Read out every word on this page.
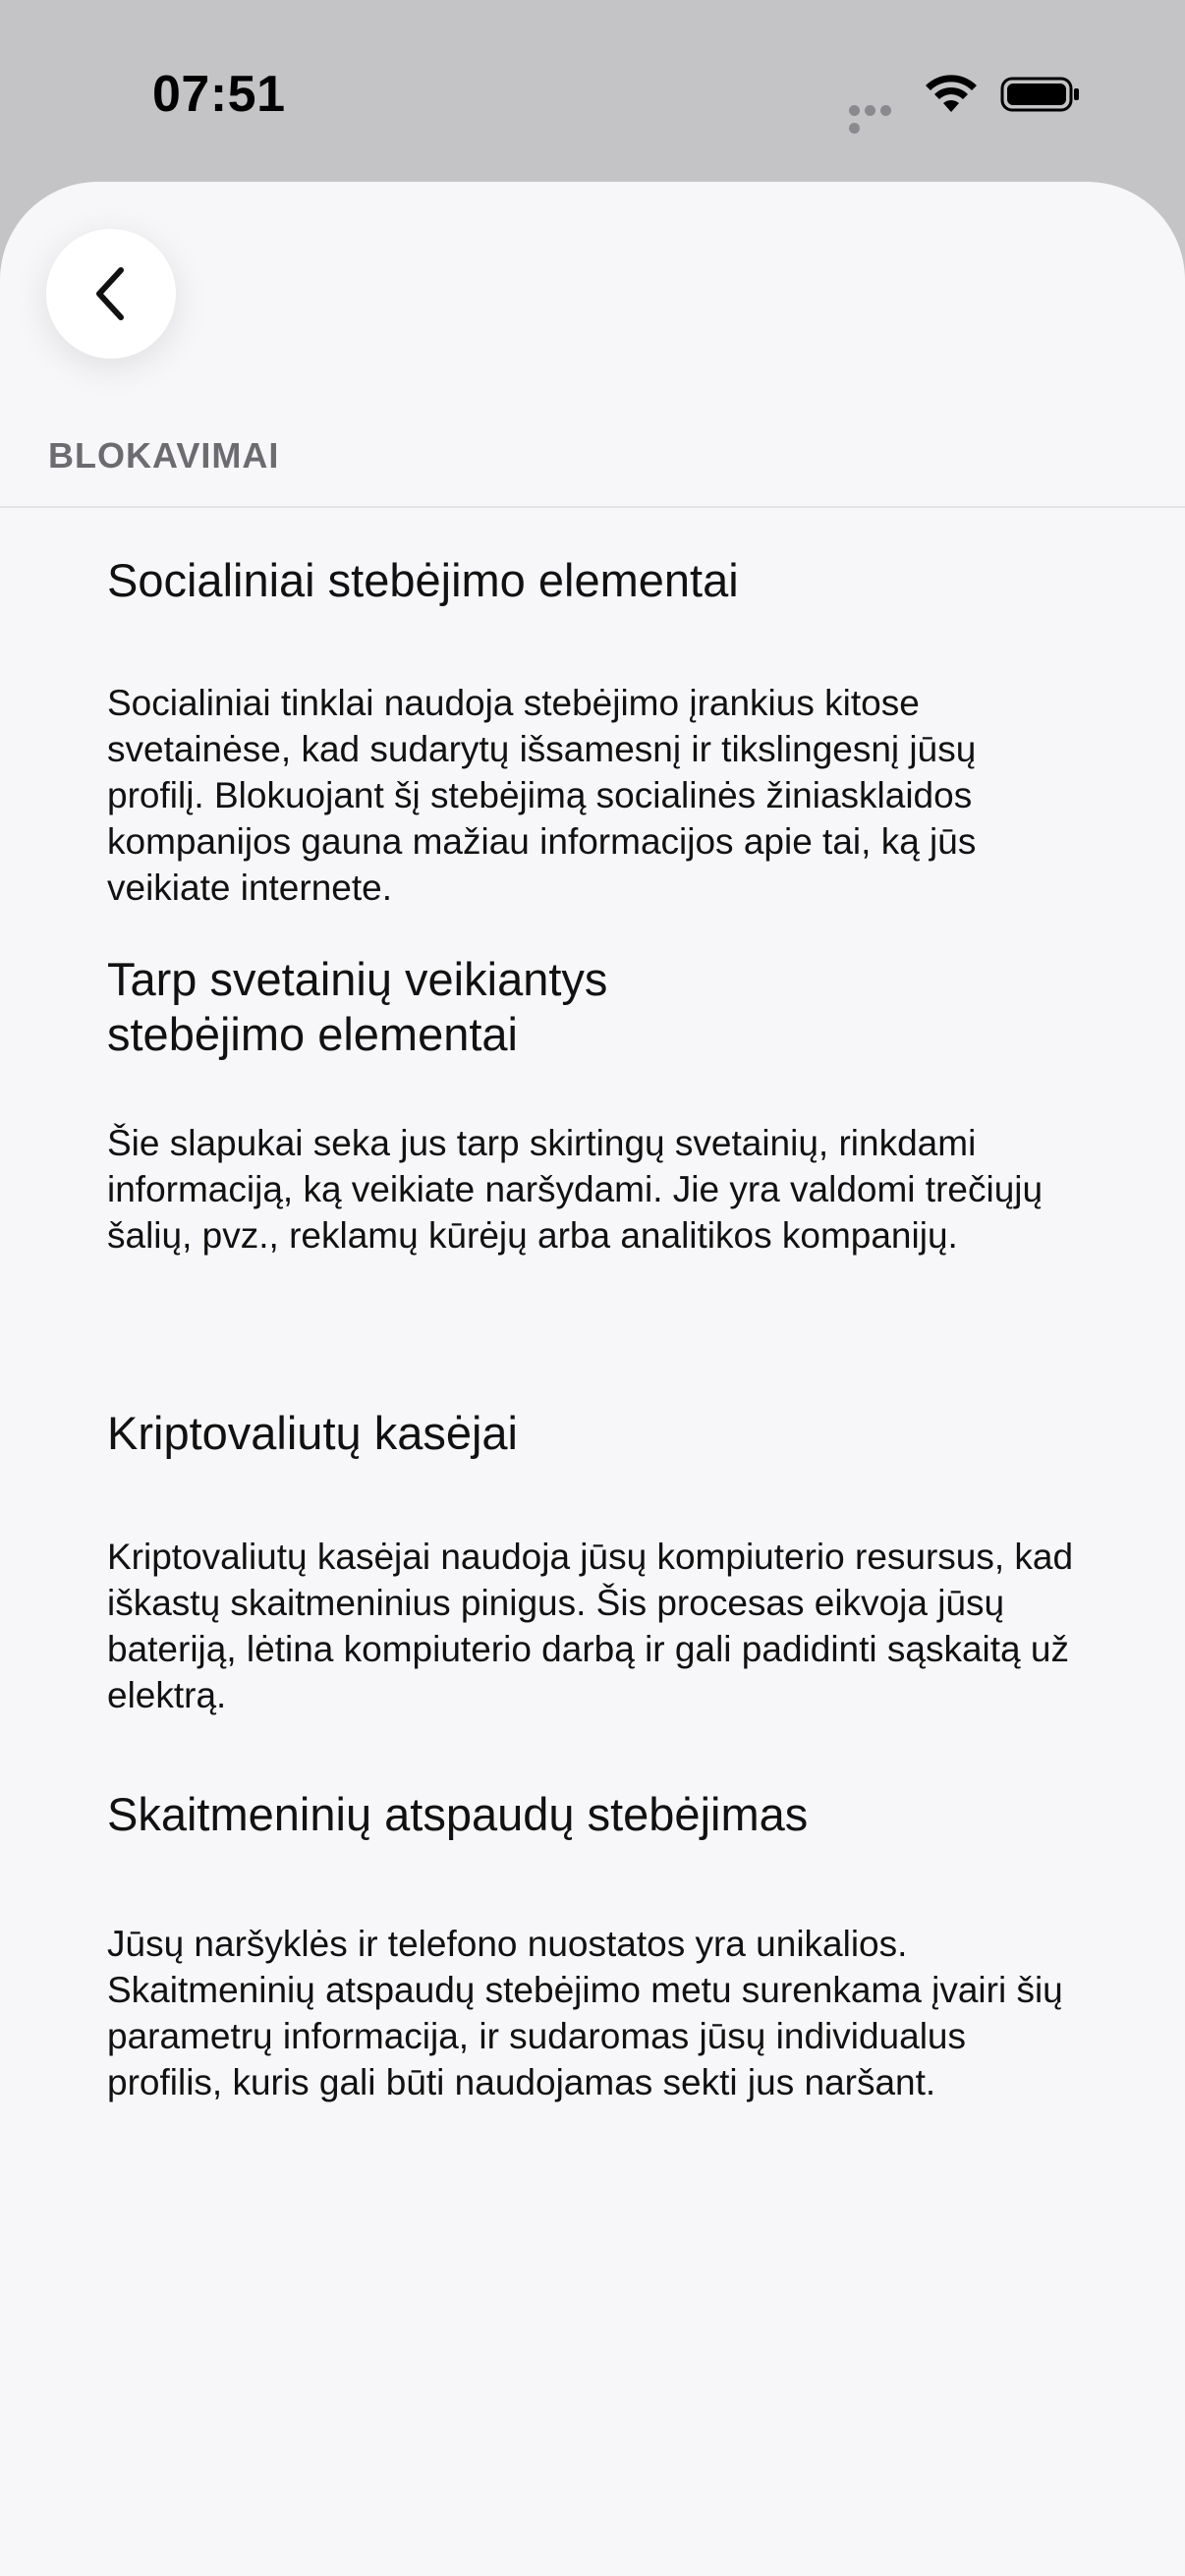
07:51
BLOKAVIMAI
Socialiniai stebėjimo elementai

Socialiniai tinklai naudoja stebėjimo įrankius kitose svetainėse, kad sudarytų išsamesnį ir tikslingesnį jūsų profilį. Blokuojant šį stebėjimą socialinės žiniasklaidos kompanijos gauna mažiau informacijos apie tai, ką jūs veikiate internete.

Tarp svetainių veikiantys stebėjimo elementai

Šie slapukai seka jus tarp skirtingų svetainių, rinkdami informaciją, ką veikiate naršydami. Jie yra valdomi trečiųjų šalių, pvz., reklamų kūrėjų arba analitikos kompanijų.

Kriptovaliutų kasėjai

Kriptovaliutų kasėjai naudoja jūsų kompiuterio resursus, kad iškastų skaitmeninius pinigus. Šis procesas eikvoja jūsų bateriją, lėtina kompiuterio darbą ir gali padidinti sąskaitą už elektrą.

Skaitmeninių atspaudų stebėjimas

Jūsų naršyklės ir telefono nuostatos yra unikalios. Skaitmeninių atspaudų stebėjimo metu surenkama įvairi šių parametrų informacija, ir sudaromas jūsų individualus profilis, kuris gali būti naudojamas sekti jus naršant.
